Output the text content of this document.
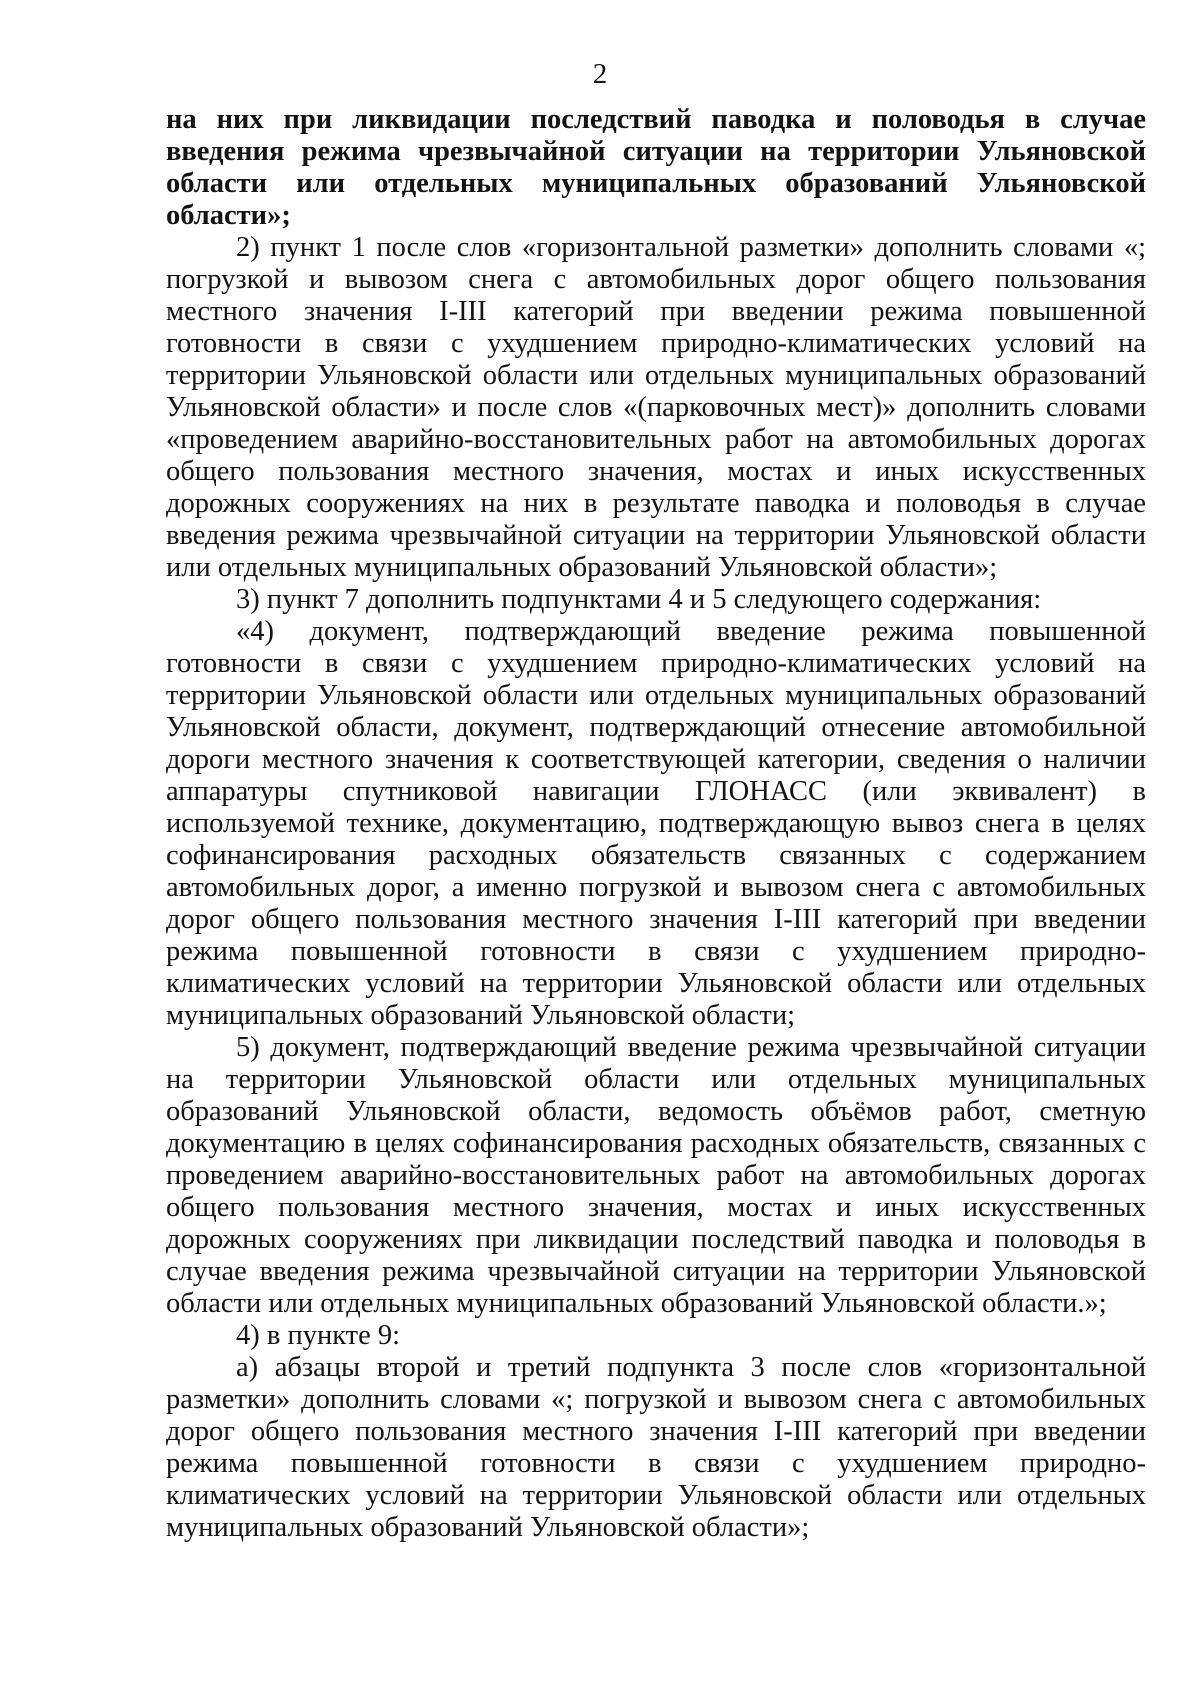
2

на них при ликвидации последствий паводка и половодья в случае введения режима чрезвычайной ситуации на территории Ульяновской области или отдельных муниципальных образований Ульяновской области»;

2) пункт 1 после слов «горизонтальной разметки» дополнить словами «; погрузкой и вывозом снега с автомобильных дорог общего пользования местного значения I-III категорий при введении режима повышенной готовности в связи с ухудшением природно-климатических условий на территории Ульяновской области или отдельных муниципальных образований Ульяновской области» и после слов «(парковочных мест)» дополнить словами «проведением аварийно-восстановительных работ на автомобильных дорогах общего пользования местного значения, мостах и иных искусственных дорожных сооружениях на них в результате паводка и половодья в случае введения режима чрезвычайной ситуации на территории Ульяновской области или отдельных муниципальных образований Ульяновской области»;

3) пункт 7 дополнить подпунктами 4 и 5 следующего содержания:

«4) документ, подтверждающий введение режима повышенной готовности в связи с ухудшением природно-климатических условий на территории Ульяновской области или отдельных муниципальных образований Ульяновской области, документ, подтверждающий отнесение автомобильной дороги местного значения к соответствующей категории, сведения о наличии аппаратуры спутниковой навигации ГЛОНАСС (или эквивалент) в используемой технике, документацию, подтверждающую вывоз снега в целях софинансирования расходных обязательств связанных с содержанием автомобильных дорог, а именно погрузкой и вывозом снега с автомобильных дорог общего пользования местного значения I-III категорий при введении режима повышенной готовности в связи с ухудшением природно-климатических условий на территории Ульяновской области или отдельных муниципальных образований Ульяновской области;

5) документ, подтверждающий введение режима чрезвычайной ситуации на территории Ульяновской области или отдельных муниципальных образований Ульяновской области, ведомость объёмов работ, сметную документацию в целях софинансирования расходных обязательств, связанных с проведением аварийно-восстановительных работ на автомобильных дорогах общего пользования местного значения, мостах и иных искусственных дорожных сооружениях при ликвидации последствий паводка и половодья в случае введения режима чрезвычайной ситуации на территории Ульяновской области или отдельных муниципальных образований Ульяновской области.»;

4) в пункте 9:

а) абзацы второй и третий подпункта 3 после слов «горизонтальной разметки» дополнить словами «; погрузкой и вывозом снега с автомобильных дорог общего пользования местного значения I-III категорий при введении режима повышенной готовности в связи с ухудшением природно-климатических условий на территории Ульяновской области или отдельных муниципальных образований Ульяновской области»;
